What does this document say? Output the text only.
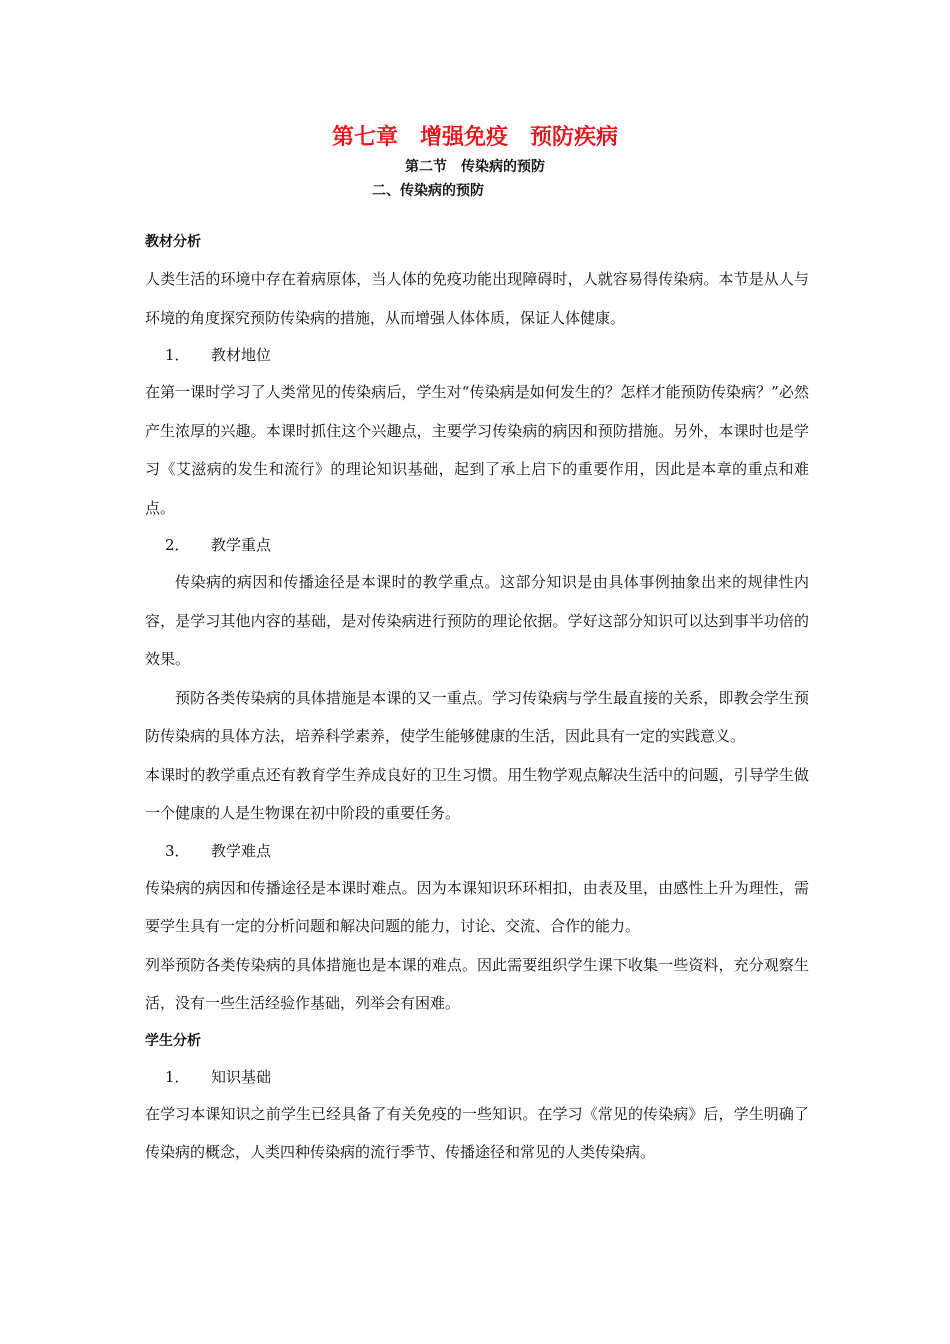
第七章　增强免疫　预防疾病
第二节　传染病的预防
二、传染病的预防

教材分析

人类生活的环境中存在着病原体，当人体的免疫功能出现障碍时，人就容易得传染病。本节是从人与环境的角度探究预防传染病的措施，从而增强人体体质，保证人体健康。

1． 教材地位

在第一课时学习了人类常见的传染病后，学生对“传染病是如何发生的？怎样才能预防传染病？”必然产生浓厚的兴趣。本课时抓住这个兴趣点，主要学习传染病的病因和预防措施。另外，本课时也是学习《艾滋病的发生和流行》的理论知识基础，起到了承上启下的重要作用，因此是本章的重点和难点。

2． 教学重点

传染病的病因和传播途径是本课时的教学重点。这部分知识是由具体事例抽象出来的规律性内容，是学习其他内容的基础，是对传染病进行预防的理论依据。学好这部分知识可以达到事半功倍的效果。

预防各类传染病的具体措施是本课的又一重点。学习传染病与学生最直接的关系，即教会学生预防传染病的具体方法，培养科学素养，使学生能够健康的生活，因此具有一定的实践意义。

本课时的教学重点还有教育学生养成良好的卫生习惯。用生物学观点解决生活中的问题，引导学生做一个健康的人是生物课在初中阶段的重要任务。

3． 教学难点

传染病的病因和传播途径是本课时难点。因为本课知识环环相扣，由表及里，由感性上升为理性，需要学生具有一定的分析问题和解决问题的能力，讨论、交流、合作的能力。

列举预防各类传染病的具体措施也是本课的难点。因此需要组织学生课下收集一些资料，充分观察生活，没有一些生活经验作基础，列举会有困难。

学生分析

1． 知识基础

在学习本课知识之前学生已经具备了有关免疫的一些知识。在学习《常见的传染病》后，学生明确了传染病的概念，人类四种传染病的流行季节、传播途径和常见的人类传染病。
